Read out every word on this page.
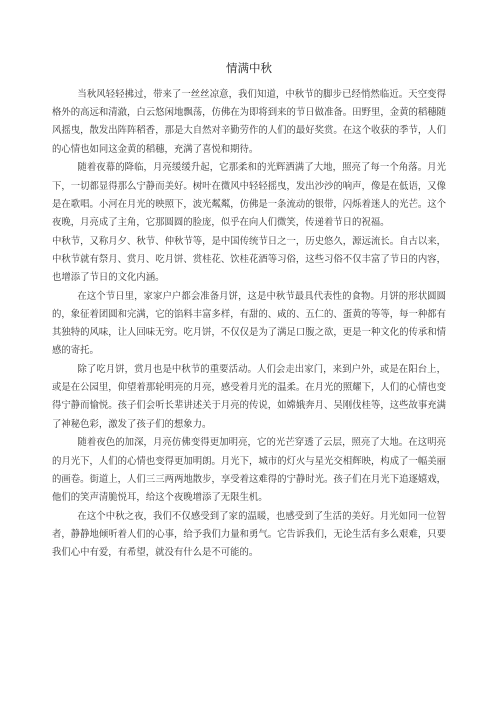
情满中秋

当秋风轻轻拂过，带来了一丝丝凉意，我们知道，中秋节的脚步已经悄然临近。天空变得格外的高远和清澈，白云悠闲地飘荡，仿佛在为即将到来的节日做准备。田野里，金黄的稻穗随风摇曳，散发出阵阵稻香，那是大自然对辛勤劳作的人们的最好奖赏。在这个收获的季节，人们的心情也如同这金黄的稻穗，充满了喜悦和期待。

随着夜幕的降临，月亮缓缓升起，它那柔和的光辉洒满了大地，照亮了每一个角落。月光下，一切都显得那么宁静而美好。树叶在微风中轻轻摇曳，发出沙沙的响声，像是在低语，又像是在歌唱。小河在月光的映照下，波光粼粼，仿佛是一条流动的银带，闪烁着迷人的光芒。这个夜晚，月亮成了主角，它那圆圆的脸庞，似乎在向人们微笑，传递着节日的祝福。

中秋节，又称月夕、秋节、仲秋节等，是中国传统节日之一，历史悠久，源远流长。自古以来，中秋节就有祭月、赏月、吃月饼、赏桂花、饮桂花酒等习俗，这些习俗不仅丰富了节日的内容，也增添了节日的文化内涵。

在这个节日里，家家户户都会准备月饼，这是中秋节最具代表性的食物。月饼的形状圆圆的，象征着团圆和完满，它的馅料丰富多样，有甜的、咸的、五仁的、蛋黄的等等，每一种都有其独特的风味，让人回味无穷。吃月饼，不仅仅是为了满足口腹之欲，更是一种文化的传承和情感的寄托。

除了吃月饼，赏月也是中秋节的重要活动。人们会走出家门，来到户外，或是在阳台上，或是在公园里，仰望着那轮明亮的月亮，感受着月光的温柔。在月光的照耀下，人们的心情也变得宁静而愉悦。孩子们会听长辈讲述关于月亮的传说，如嫦娥奔月、吴刚伐桂等，这些故事充满了神秘色彩，激发了孩子们的想象力。

随着夜色的加深，月亮仿佛变得更加明亮，它的光芒穿透了云层，照亮了大地。在这明亮的月光下，人们的心情也变得更加明朗。月光下，城市的灯火与星光交相辉映，构成了一幅美丽的画卷。街道上，人们三三两两地散步，享受着这难得的宁静时光。孩子们在月光下追逐嬉戏，他们的笑声清脆悦耳，给这个夜晚增添了无限生机。

在这个中秋之夜，我们不仅感受到了家的温暖，也感受到了生活的美好。月光如同一位智者，静静地倾听着人们的心事，给予我们力量和勇气。它告诉我们，无论生活有多么艰难，只要我们心中有爱，有希望，就没有什么是不可能的。
